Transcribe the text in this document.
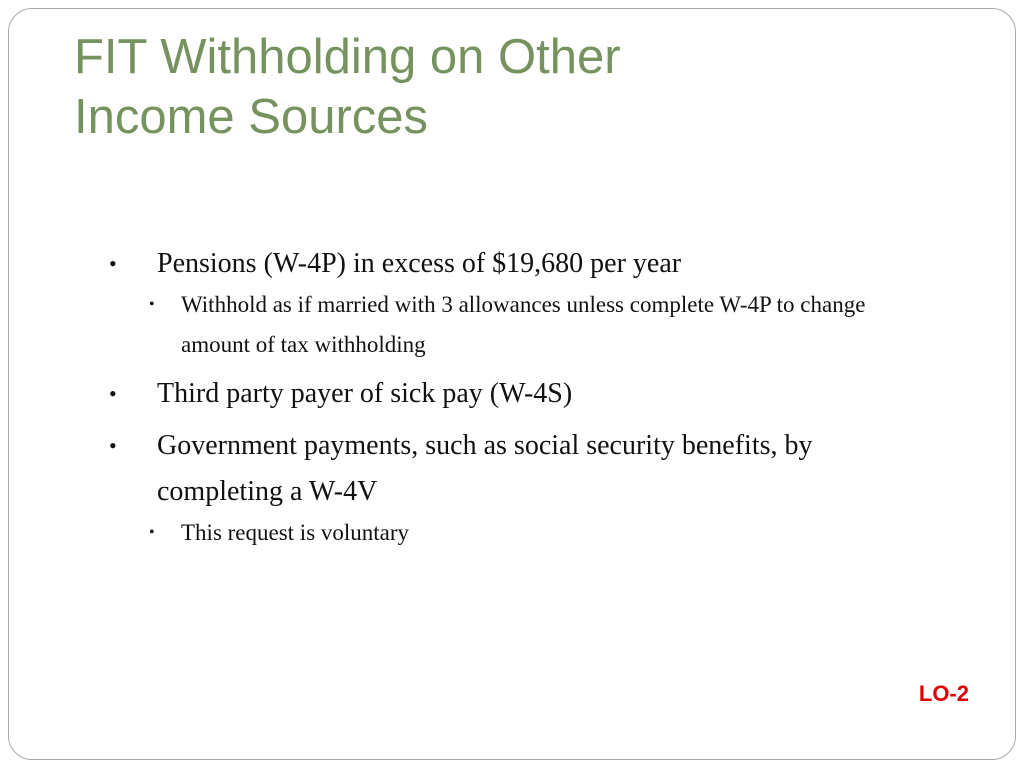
FIT Withholding on Other
Income Sources
• Pensions (W-4P) in excess of $19,680 per year
• Withhold as if married with 3 allowances unless complete W-4P to change amount of tax withholding
• Third party payer of sick pay (W-4S)
• Government payments, such as social security benefits, by completing a W-4V
• This request is voluntary
LO-2
